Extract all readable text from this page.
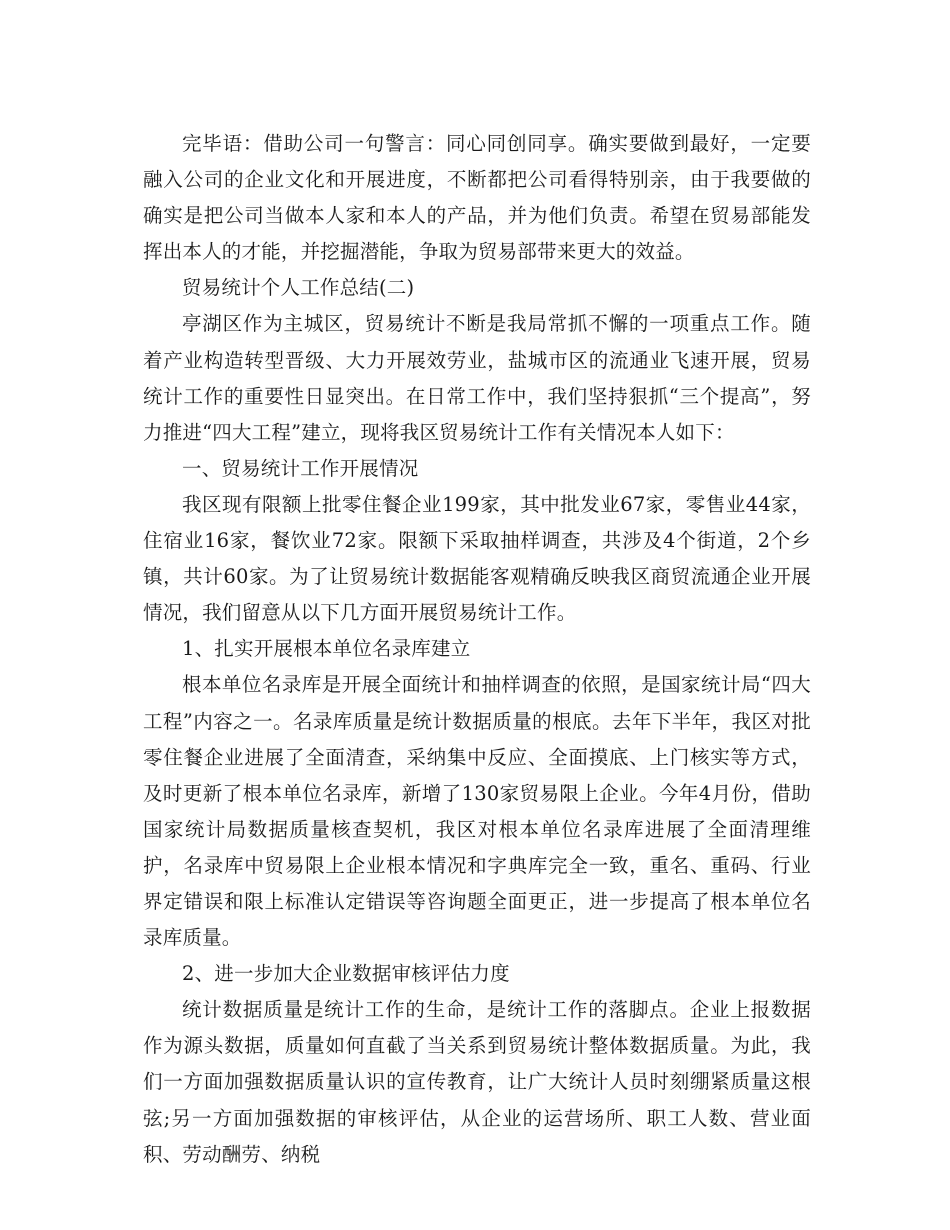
完毕语：借助公司一句警言：同心同创同享。确实要做到最好，一定要融入公司的企业文化和开展进度，不断都把公司看得特别亲，由于我要做的确实是把公司当做本人家和本人的产品，并为他们负责。希望在贸易部能发挥出本人的才能，并挖掘潜能，争取为贸易部带来更大的效益。

贸易统计个人工作总结(二)

亭湖区作为主城区，贸易统计不断是我局常抓不懈的一项重点工作。随着产业构造转型晋级、大力开展效劳业，盐城市区的流通业飞速开展，贸易统计工作的重要性日显突出。在日常工作中，我们坚持狠抓“三个提高”，努力推进“四大工程”建立，现将我区贸易统计工作有关情况本人如下：

一、贸易统计工作开展情况

我区现有限额上批零住餐企业199家，其中批发业67家，零售业44家，住宿业16家，餐饮业72家。限额下采取抽样调查，共涉及4个街道，2个乡镇，共计60家。为了让贸易统计数据能客观精确反映我区商贸流通企业开展情况，我们留意从以下几方面开展贸易统计工作。

1、扎实开展根本单位名录库建立

根本单位名录库是开展全面统计和抽样调查的依照，是国家统计局“四大工程”内容之一。名录库质量是统计数据质量的根底。去年下半年，我区对批零住餐企业进展了全面清查，采纳集中反应、全面摸底、上门核实等方式，及时更新了根本单位名录库，新增了130家贸易限上企业。今年4月份，借助国家统计局数据质量核查契机，我区对根本单位名录库进展了全面清理维护，名录库中贸易限上企业根本情况和字典库完全一致，重名、重码、行业界定错误和限上标准认定错误等咨询题全面更正，进一步提高了根本单位名录库质量。

2、进一步加大企业数据审核评估力度

统计数据质量是统计工作的生命，是统计工作的落脚点。企业上报数据作为源头数据，质量如何直截了当关系到贸易统计整体数据质量。为此，我们一方面加强数据质量认识的宣传教育，让广大统计人员时刻绷紧质量这根弦;另一方面加强数据的审核评估，从企业的运营场所、职工人数、营业面积、劳动酬劳、纳税
